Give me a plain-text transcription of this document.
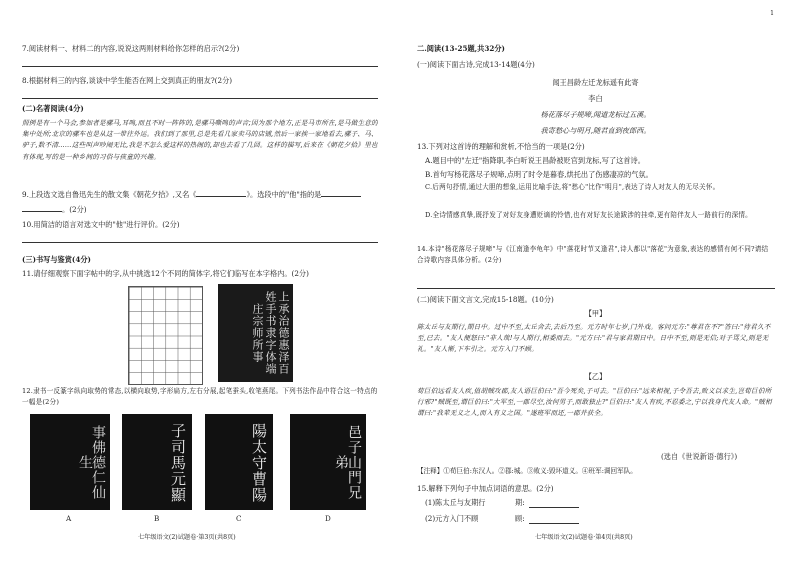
1
7.阅读材料一、材料二的内容,说说这两则材料给你怎样的启示?(2分)
8.根据材料三的内容,谈谈中学生能否在网上交到真正的朋友?(2分)
(二)名著阅读(4分)
照例是有一个马会,参加者是骡马,耳鸣,而且不时一阵阵的,是骡马嘶鸣的声音;因为那个地方,正是马市所在,是马做生意的集中处所;北京的骡车也是从这一带往外运。我们到了那里,总是先看几家卖马的店铺,然后一家挨一家地看去,骡子、马、驴子,数不清……这些叫声吵闹无比,我是不怎么爱这样的热闹的,却也去看了几回。这样的描写,后来在《朝花夕拾》里也有体现,写的是一种乡间的习俗与孩童的兴趣。
9.上段选文选自鲁迅先生的散文集《朝花夕拾》,又名《	》。选段中的"他"指的是
。(2分)
10.用简洁的语言对选文中的"他"进行评价。(2分)
(三)书写与鉴赏(4分)
11.请仔细观察下面字帖中的字,从中挑选12个不同的简体字,将它们临写在本字格内。(2分)
上承治德惠泽百姓手书隶字体端庄宗师所事
12.隶书一反篆字纵向取势的常态,以横向取势,字形扁方,左右分展,起笔蚕头,收笔燕尾。下列书法作品中符合这一特点的一幅是(2分)
事佛德仁仙生	子司馬元顯	陽太守曹陽	邑子山門兄弟
A	B	C	D
七年级语文(2)试题卷·第3页(共8页)
二.阅读(13-25题,共32分)
(一)阅读下面古诗,完成13-14题(4分)
闻王昌龄左迁龙标遥有此寄
李白
杨花落尽子规啼,闻道龙标过五溪。
我寄愁心与明月,随君直到夜郎西。
13.下列对这首诗的理解和赏析,不恰当的一项是(2分)
A.题目中的"左迁"指降职,李白听说王昌龄被贬官到龙标,写了这首诗。
B.首句写杨花落尽子规啼,点明了时令是暮春,烘托出了伤感凄凉的气氛。
C.后两句抒情,通过大胆的想象,运用比喻手法,将"愁心"比作"明月",表达了诗人对友人的无尽关怀。
D.全诗情感真挚,既抒发了对好友身遭贬谪的怜惜,也有对好友长途跋涉的挂牵,更有陪伴友人一路前行的深情。
14.本诗"杨花落尽子规啼"与《江南逢李龟年》中"落花时节又逢君",诗人都以"落花"为意象,表达的感情有何不同?请结合诗歌内容具体分析。(2分)
(二)阅读下面文言文,完成15-18题。(10分)
【甲】
陈太丘与友期行,期日中。过中不至,太丘舍去,去后乃至。元方时年七岁,门外戏。客问元方:"尊君在不?"答曰:"待君久不至,已去。"友人便怒曰:"非人哉!与人期行,相委而去。"元方曰:"君与家君期日中。日中不至,则是无信;对子骂父,则是无礼。"友人惭,下车引之。元方入门不顾。
【乙】
荀巨伯远看友人疾,值胡贼攻郡,友人语巨伯曰:"吾今死矣,子可去。"巨伯曰:"远来相视,子令吾去,败义以求生,岂荀巨伯所行邪?"贼既至,谓巨伯曰:"大军至,一郡尽空,汝何男子,而敢独止?"巨伯曰:"友人有疾,不忍委之,宁以我身代友人命。"贼相谓曰:"我辈无义之人,而入有义之国。"遂班军而还,一郡并获全。
(选自《世说新语·德行》)
【注释】①荀巨伯:东汉人。②郡:城。③败义:毁坏道义。④班军:调回军队。
15.解释下列句子中加点词语的意思。(2分)
(1)陈太丘与友期行	期:
(2)元方入门不顾	顾:
七年级语文(2)试题卷·第4页(共8页)
